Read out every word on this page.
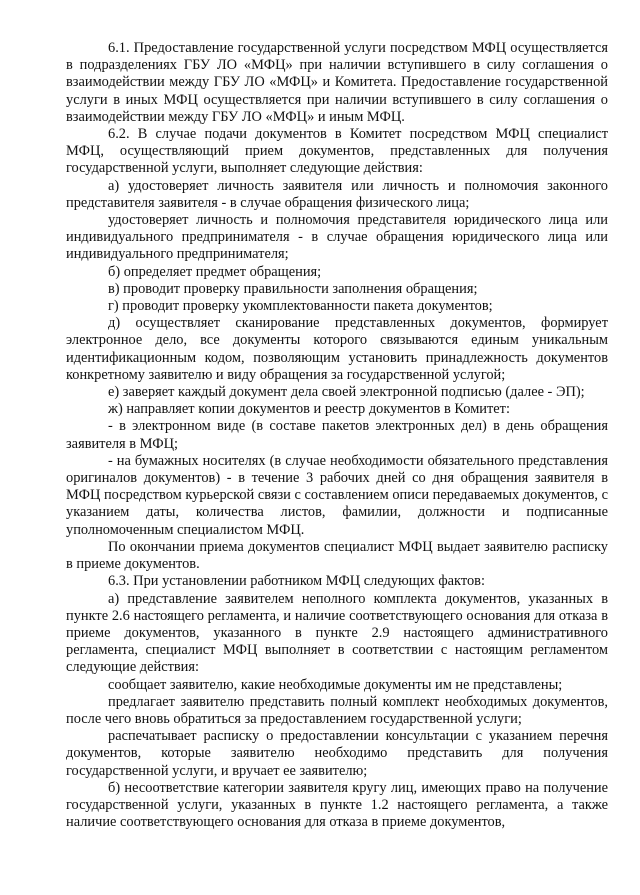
6.1. Предоставление государственной услуги посредством МФЦ осуществляется в подразделениях ГБУ ЛО «МФЦ» при наличии вступившего в силу соглашения о взаимодействии между ГБУ ЛО «МФЦ» и Комитета. Предоставление государственной услуги в иных МФЦ осуществляется при наличии вступившего в силу соглашения о взаимодействии между ГБУ ЛО «МФЦ» и иным МФЦ.

6.2. В случае подачи документов в Комитет посредством МФЦ специалист МФЦ, осуществляющий прием документов, представленных для получения государственной услуги, выполняет следующие действия:

а) удостоверяет личность заявителя или личность и полномочия законного представителя заявителя - в случае обращения физического лица;

удостоверяет личность и полномочия представителя юридического лица или индивидуального предпринимателя - в случае обращения юридического лица или индивидуального предпринимателя;

б) определяет предмет обращения;

в) проводит проверку правильности заполнения обращения;

г) проводит проверку укомплектованности пакета документов;

д) осуществляет сканирование представленных документов, формирует электронное дело, все документы которого связываются единым уникальным идентификационным кодом, позволяющим установить принадлежность документов конкретному заявителю и виду обращения за государственной услугой;

е) заверяет каждый документ дела своей электронной подписью (далее - ЭП);

ж) направляет копии документов и реестр документов в Комитет:

- в электронном виде (в составе пакетов электронных дел) в день обращения заявителя в МФЦ;

- на бумажных носителях (в случае необходимости обязательного представления оригиналов документов) - в течение 3 рабочих дней со дня обращения заявителя в МФЦ посредством курьерской связи с составлением описи передаваемых документов, с указанием даты, количества листов, фамилии, должности и подписанные уполномоченным специалистом МФЦ.

По окончании приема документов специалист МФЦ выдает заявителю расписку в приеме документов.

6.3. При установлении работником МФЦ следующих фактов:

а) представление заявителем неполного комплекта документов, указанных в пункте 2.6 настоящего регламента, и наличие соответствующего основания для отказа в приеме документов, указанного в пункте 2.9 настоящего административного регламента, специалист МФЦ выполняет в соответствии с настоящим регламентом следующие действия:

сообщает заявителю, какие необходимые документы им не представлены;

предлагает заявителю представить полный комплект необходимых документов, после чего вновь обратиться за предоставлением государственной услуги;

распечатывает расписку о предоставлении консультации с указанием перечня документов, которые заявителю необходимо представить для получения государственной услуги, и вручает ее заявителю;

б) несоответствие категории заявителя кругу лиц, имеющих право на получение государственной услуги, указанных в пункте 1.2 настоящего регламента, а также наличие соответствующего основания для отказа в приеме документов,
